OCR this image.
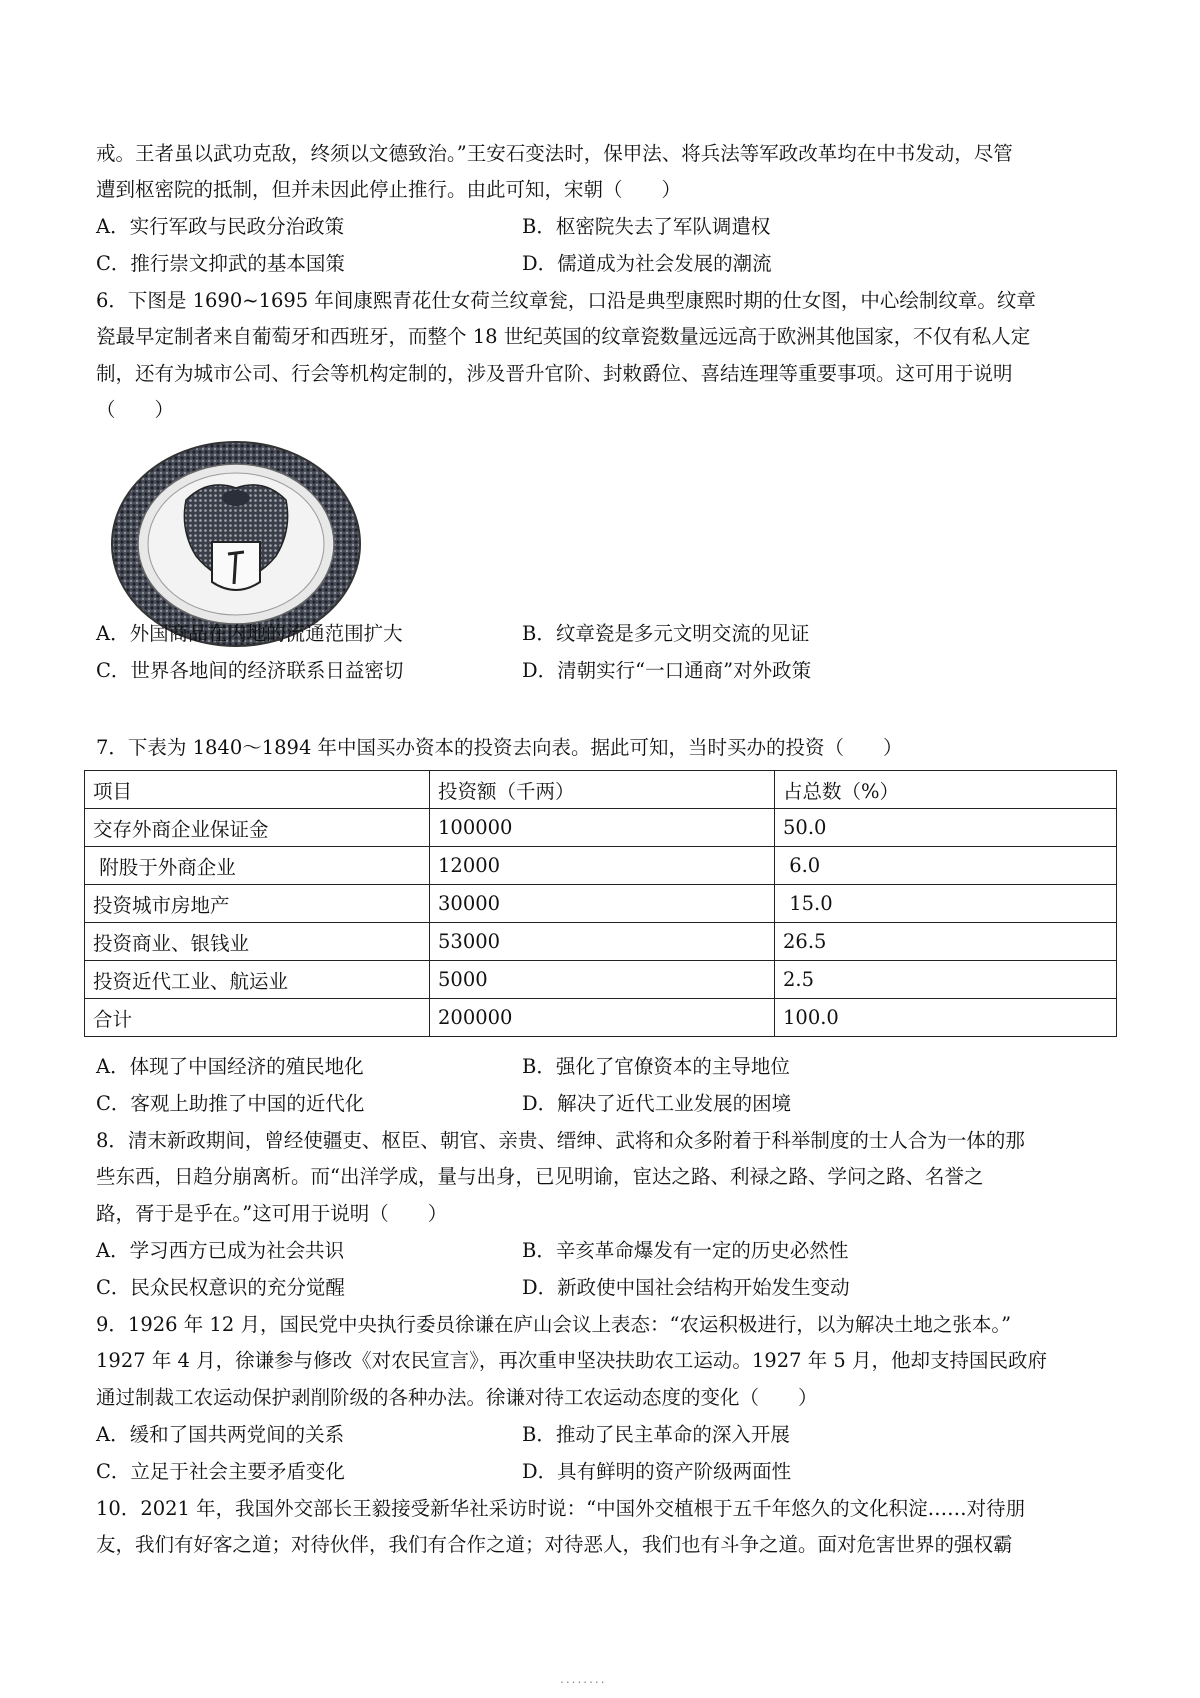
戒。王者虽以武功克敌，终须以文德致治。”王安石变法时，保甲法、将兵法等军政改革均在中书发动，尽管
遭到枢密院的抵制，但并未因此停止推行。由此可知，宋朝（　　）
A．实行军政与民政分治政策	B．枢密院失去了军队调遣权
C．推行崇文抑武的基本国策	D．儒道成为社会发展的潮流
6．下图是 1690~1695 年间康熙青花仕女荷兰纹章瓮，口沿是典型康熙时期的仕女图，中心绘制纹章。纹章
瓷最早定制者来自葡萄牙和西班牙，而整个 18 世纪英国的纹章瓷数量远远高于欧洲其他国家，不仅有私人定
制，还有为城市公司、行会等机构定制的，涉及晋升官阶、封敕爵位、喜结连理等重要事项。这可用于说明
（　　）
A．外国商品在内地的流通范围扩大	B．纹章瓷是多元文明交流的见证
C．世界各地间的经济联系日益密切	D．清朝实行“一口通商”对外政策
7．下表为 1840～1894 年中国买办资本的投资去向表。据此可知，当时买办的投资（　　）
项目	投资额（千两）	占总数（%）
交存外商企业保证金	100000	50.0
附股于外商企业	12000	6.0
投资城市房地产	30000	15.0
投资商业、银钱业	53000	26.5
投资近代工业、航运业	5000	2.5
合计	200000	100.0
A．体现了中国经济的殖民地化	B．强化了官僚资本的主导地位
C．客观上助推了中国的近代化	D．解决了近代工业发展的困境
8．清末新政期间，曾经使疆吏、枢臣、朝官、亲贵、缙绅、武将和众多附着于科举制度的士人合为一体的那
些东西，日趋分崩离析。而“出洋学成，量与出身，已见明谕，宦达之路、利禄之路、学问之路、名誉之
路，胥于是乎在。”这可用于说明（　　）
A．学习西方已成为社会共识	B．辛亥革命爆发有一定的历史必然性
C．民众民权意识的充分觉醒	D．新政使中国社会结构开始发生变动
9．1926 年 12 月，国民党中央执行委员徐谦在庐山会议上表态：“农运积极进行，以为解决土地之张本。”
1927 年 4 月，徐谦参与修改《对农民宣言》，再次重申坚决扶助农工运动。1927 年 5 月，他却支持国民政府
通过制裁工农运动保护剥削阶级的各种办法。徐谦对待工农运动态度的变化（　　）
A．缓和了国共两党间的关系	B．推动了民主革命的深入开展
C．立足于社会主要矛盾变化	D．具有鲜明的资产阶级两面性
10．2021 年，我国外交部长王毅接受新华社采访时说：“中国外交植根于五千年悠久的文化积淀……对待朋
友，我们有好客之道；对待伙伴，我们有合作之道；对待恶人，我们也有斗争之道。面对危害世界的强权霸
........
